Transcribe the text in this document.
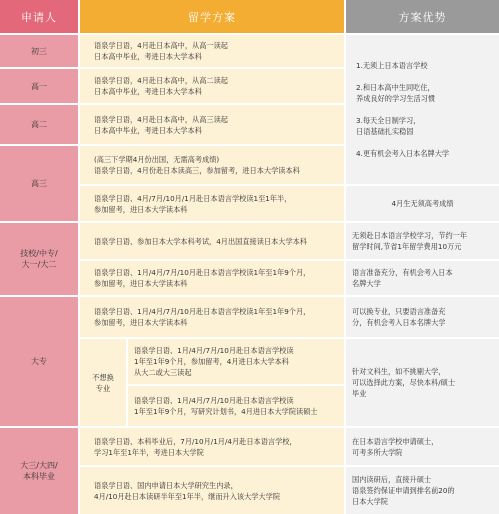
申请人	留学方案	方案优势
初三
语泉学日语，4月赴日本高中，从高一读起
日本高中毕业，考进日本大学本科
高一
语泉学日语，4月赴日本高中，从高二读起
日本高中毕业，考进日本大学本科
高二
语泉学日语，4月赴日本高中，从高三读起
日本高中毕业，考进日本大学本科
1.无须上日本语言学校

2.和日本高中生同吃住，
养成良好的学习生活习惯

3.每天全日制学习，
日语基础扎实稳固

4.更有机会考入日本名牌大学
高三
(高三下学期4月份出国，无需高考成绩)
语泉学日语，4月份赴日本读高三，参加留考，进日本大学读本科
语泉学日语、4月/7月/10月/1月赴日本语言学校读1至1年半，
参加留考，进日本大学读本科
4月生无须高考成绩
技校/中专/
大一/大二
语泉学日语、参加日本大学本科考试，4月出国直接读日本大学本科
无须赴日本语言学校学习，节约一年
留学时间,节省1年留学费用10万元
语泉学日语、1月/4月/7月/10月赴日本语言学校读1年至1年9个月，
参加留考，进日本大学读本科
语言准备充分，有机会考入日本
名牌大学
大专
语泉学日语、1月/4月/7月/10月赴日本语言学校读1年至1年9个月，
参加留考，进日本大学读本科
可以换专业，只要语言准备充
分，有机会考入日本名牌大学
不想换
专业
语泉学日语、1月/4月/7月/10月赴日本语言学校读
1年至1年9个月，参加留考，4月进日本大学本科
从大二或大三读起
语泉学日语、1月/4月/7月/10月赴日本语言学校读
1年至1年9个月，写研究计划书，4月进日本大学院读硕士
针对文科生，如不挑剔大学，
可以选择此方案，尽快本科/硕士
毕业
大三/大四/
本科毕业
语泉学日语、本科毕业后，7月/10月/1月/4月赴日本语言学校，
学习1年至1年半，考进日本大学院
在日本语言学校申请硕士，
可考多所大学院
语泉学日语、国内申请日本大学研究生内录，
4月/10月赴日本读研半年至1年半，继而升入该大学大学院
国内读研后，直接升硕士
语泉签约保证申请到排名前20的
日本大学院
